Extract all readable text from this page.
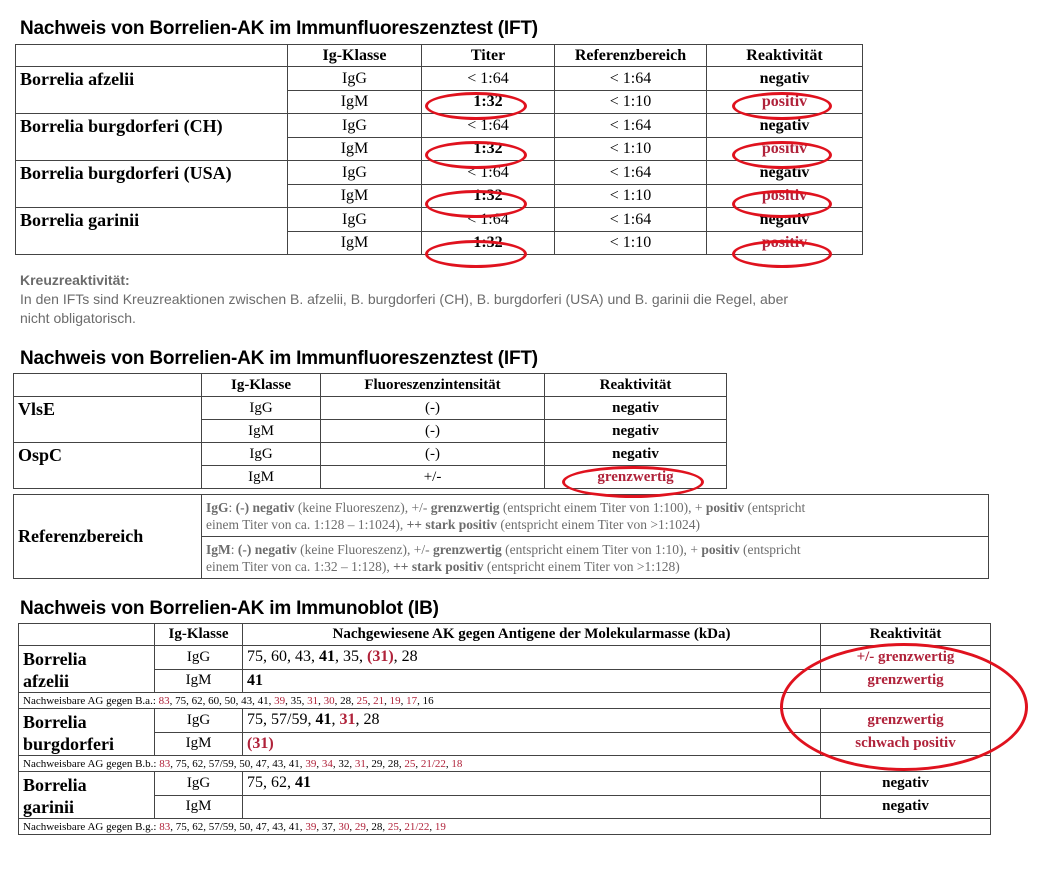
Nachweis von Borrelien-AK im Immunfluoreszenztest (IFT)
	Ig-Klasse	Titer	Referenzbereich	Reaktivität
Borrelia afzelii	IgG	< 1:64	< 1:64	negativ
	IgM	1:32	< 1:10	positiv
Borrelia burgdorferi (CH)	IgG	< 1:64	< 1:64	negativ
	IgM	1:32	< 1:10	positiv
Borrelia burgdorferi (USA)	IgG	< 1:64	< 1:64	negativ
	IgM	1:32	< 1:10	positiv
Borrelia garinii	IgG	< 1:64	< 1:64	negativ
	IgM	1:32	< 1:10	positiv
Kreuzreaktivität:
In den IFTs sind Kreuzreaktionen zwischen B. afzelii, B. burgdorferi (CH), B. burgdorferi (USA) und B. garinii die Regel, aber
nicht obligatorisch.
Nachweis von Borrelien-AK im Immunfluoreszenztest (IFT)
	Ig-Klasse	Fluoreszenzintensität	Reaktivität
VlsE	IgG	(-)	negativ
	IgM	(-)	negativ
OspC	IgG	(-)	negativ
	IgM	+/-	grenzwertig
Referenzbereich	IgG: (-) negativ (keine Fluoreszenz), +/- grenzwertig (entspricht einem Titer von 1:100), + positiv (entspricht
einem Titer von ca. 1:128 – 1:1024), ++ stark positiv (entspricht einem Titer von >1:1024)
IgM: (-) negativ (keine Fluoreszenz), +/- grenzwertig (entspricht einem Titer von 1:10), + positiv (entspricht
einem Titer von ca. 1:32 – 1:128), ++ stark positiv (entspricht einem Titer von >1:128)
Nachweis von Borrelien-AK im Immunoblot (IB)
	Ig-Klasse	Nachgewiesene AK gegen Antigene der Molekularmasse (kDa)	Reaktivität
Borrelia
afzelii	IgG	75, 60, 43, 41, 35, (31), 28	+/- grenzwertig
	IgM	41	grenzwertig
Nachweisbare AG gegen B.a.: 83, 75, 62, 60, 50, 43, 41, 39, 35, 31, 30, 28, 25, 21, 19, 17, 16			
Borrelia
burgdorferi	IgG	75, 57/59, 41, 31, 28	grenzwertig
	IgM	(31)	schwach positiv
Nachweisbare AG gegen B.b.: 83, 75, 62, 57/59, 50, 47, 43, 41, 39, 34, 32, 31, 29, 28, 25, 21/22, 18			
Borrelia
garinii	IgG	75, 62, 41	negativ
	IgM		negativ
Nachweisbare AG gegen B.g.: 83, 75, 62, 57/59, 50, 47, 43, 41, 39, 37, 30, 29, 28, 25, 21/22, 19			
